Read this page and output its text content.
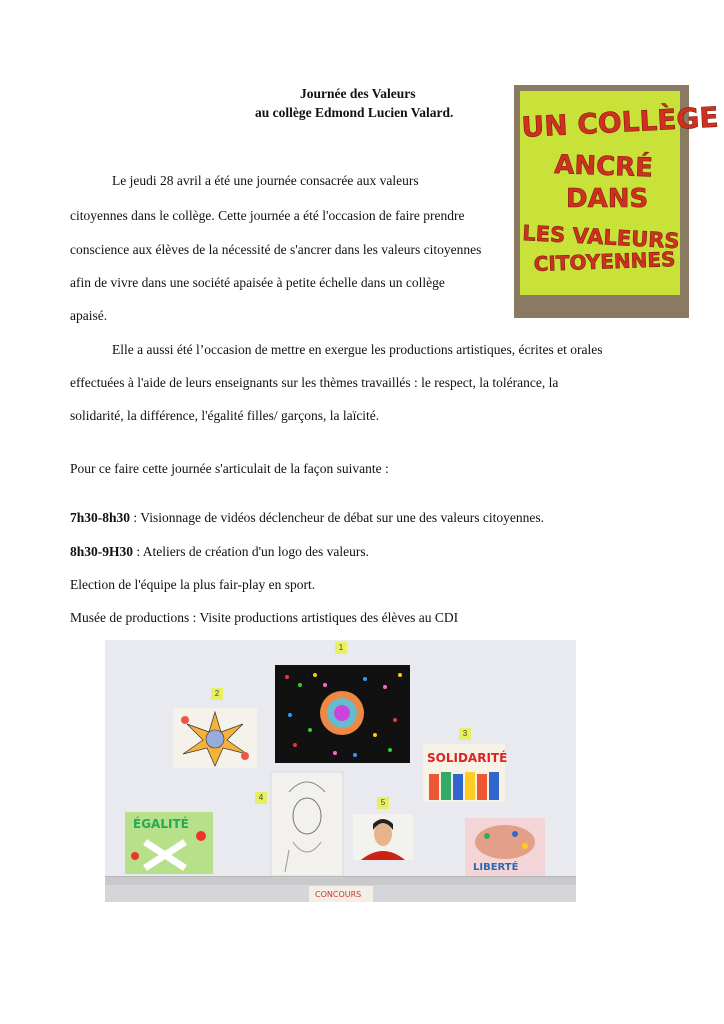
Journée des Valeurs
au collège Edmond Lucien Valard.
Le jeudi 28 avril a été une journée consacrée aux valeurs
citoyennes dans le collège. Cette journée a été l'occasion de faire prendre
conscience aux élèves de la nécessité de s'ancrer dans les valeurs citoyennes
afin de vivre dans une société apaisée à petite échelle dans un collège
apaisé.
Elle a aussi été l’occasion de mettre en exergue les productions artistiques, écrites et orales
effectuées à l'aide de leurs enseignants sur les thèmes travaillés : le respect, la tolérance, la
solidarité, la différence, l'égalité filles/ garçons, la laïcité.
Pour ce faire cette journée s'articulait de la façon suivante :
7h30-8h30 : Visionnage de vidéos déclencheur de débat sur une des valeurs citoyennes.
8h30-9H30 : Ateliers de création d'un logo des valeurs.
Election de l'équipe la plus fair-play en sport.
Musée de productions : Visite productions artistiques des élèves au CDI
UN COLLÈGE
ANCRÉ
DANS
LES VALEURS
CITOYENNES
1
2
3
SOLIDARITÉ
ÉGALITÉ
4
5
LIBERTÉ
CONCOURS
